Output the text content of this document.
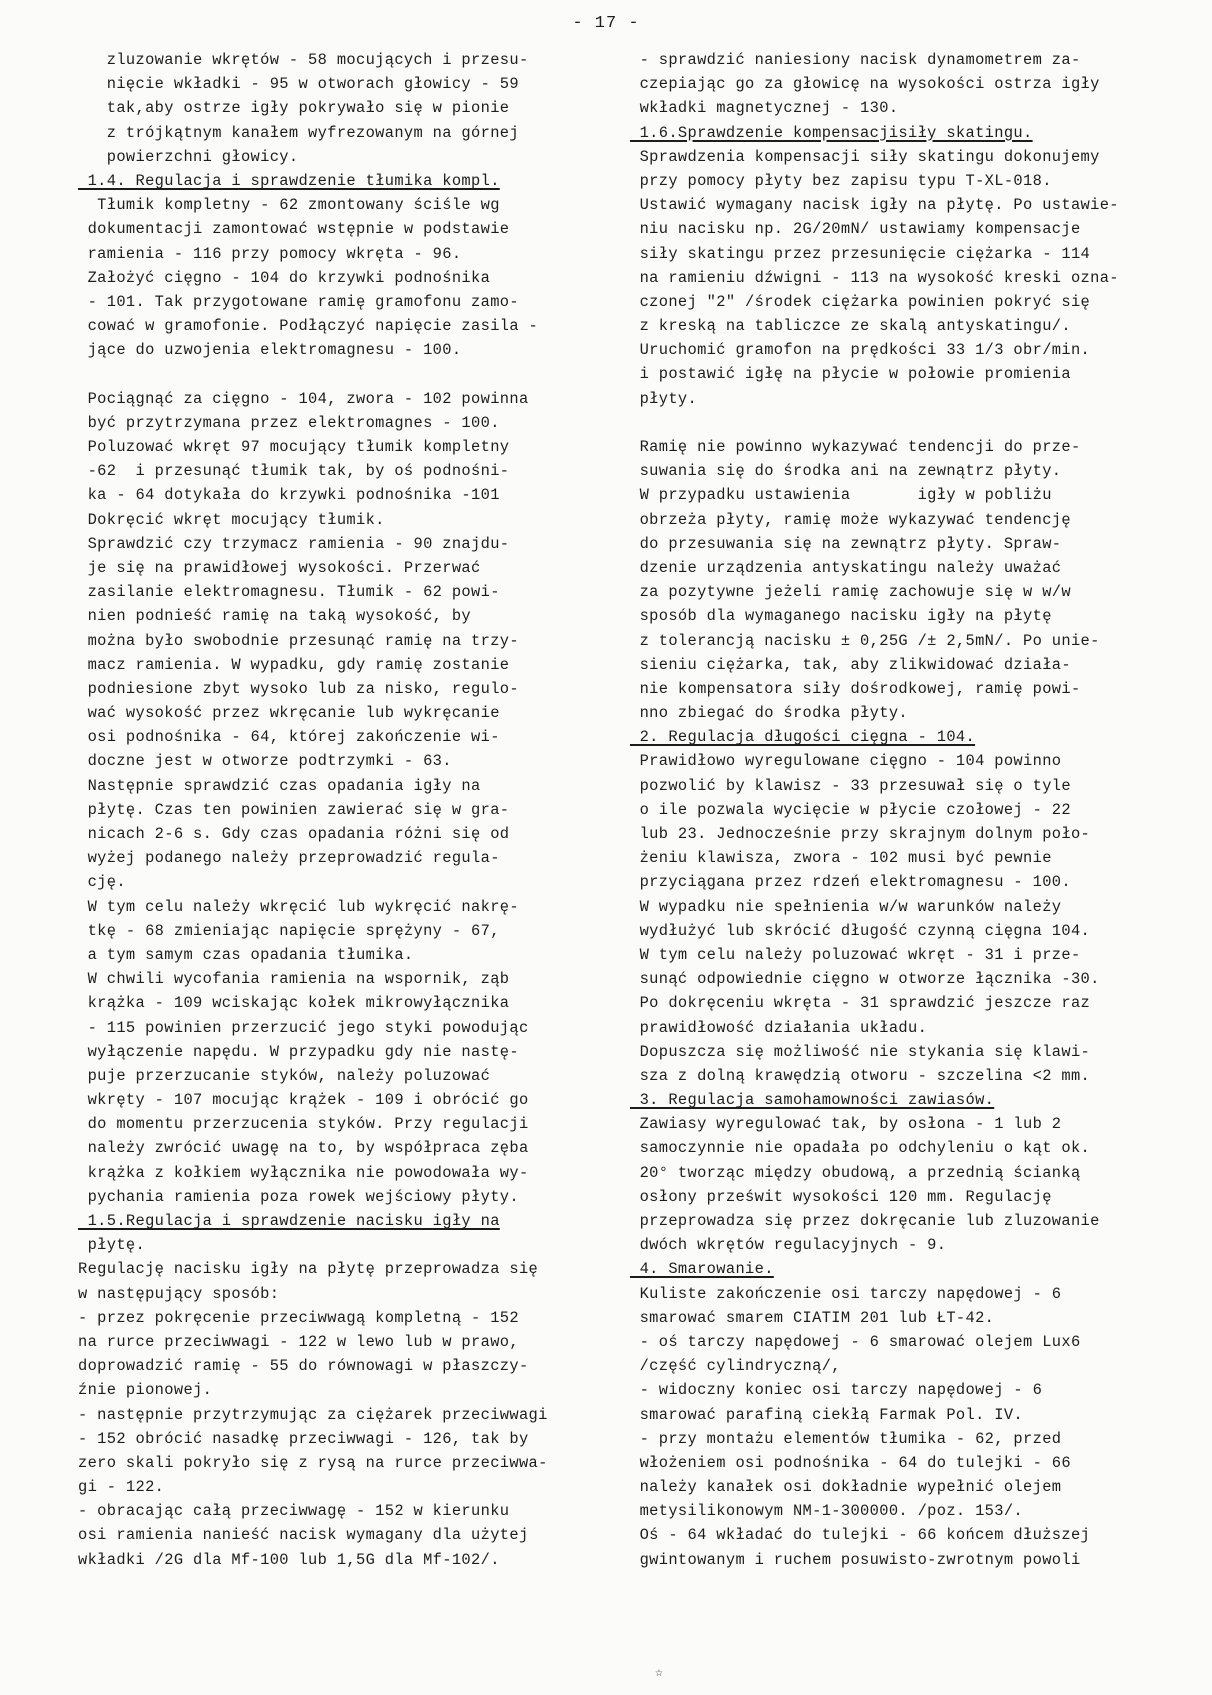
- 17 -
zluzowanie wkrętów - 58 mocujących i przesu-
nięcie wkładki - 95 w otworach głowicy - 59
tak,aby ostrze igły pokrywało się w pionie
z trójkątnym kanałem wyfrezowanym na górnej
powierzchni głowicy.
1.4. Regulacja i sprawdzenie tłumika kompl.
Tłumik kompletny - 62 zmontowany ściśle wg
dokumentacji zamontować wstępnie w podstawie
ramienia - 116 przy pomocy wkręta - 96.
Założyć cięgno - 104 do krzywki podnośnika
- 101. Tak przygotowane ramię gramofonu zamo-
cować w gramofonie. Podłączyć napięcie zasila -
jące do uzwojenia elektromagnesu - 100.
Pociągnąć za cięgno - 104, zwora - 102 powinna
być przytrzymana przez elektromagnes - 100.
Poluzować wkręt 97 mocujący tłumik kompletny
-62  i przesunąć tłumik tak, by oś podnośni-
ka - 64 dotykała do krzywki podnośnika -101
Dokręcić wkręt mocujący tłumik.
Sprawdzić czy trzymacz ramienia - 90 znajdu-
je się na prawidłowej wysokości. Przerwać
zasilanie elektromagnesu. Tłumik - 62 powi-
nien podnieść ramię na taką wysokość, by
można było swobodnie przesunąć ramię na trzy-
macz ramienia. W wypadku, gdy ramię zostanie
podniesione zbyt wysoko lub za nisko, regulo-
wać wysokość przez wkręcanie lub wykręcanie
osi podnośnika - 64, której zakończenie wi-
doczne jest w otworze podtrzymki - 63.
Następnie sprawdzić czas opadania igły na
płytę. Czas ten powinien zawierać się w gra-
nicach 2-6 s. Gdy czas opadania różni się od
wyżej podanego należy przeprowadzić regula-
cję.
W tym celu należy wkręcić lub wykręcić nakrę-
tkę - 68 zmieniając napięcie sprężyny - 67,
a tym samym czas opadania tłumika.
W chwili wycofania ramienia na wspornik, ząb
krążka - 109 wciskając kołek mikrowyłącznika
- 115 powinien przerzucić jego styki powodując
wyłączenie napędu. W przypadku gdy nie nastę-
puje przerzucanie styków, należy poluzować
wkręty - 107 mocując krążek - 109 i obrócić go
do momentu przerzucenia styków. Przy regulacji
należy zwrócić uwagę na to, by współpraca zęba
krążka z kołkiem wyłącznika nie powodowała wy-
pychania ramienia poza rowek wejściowy płyty.
1.5.Regulacja i sprawdzenie nacisku igły na
płytę.
Regulację nacisku igły na płytę przeprowadza się
w następujący sposób:
- przez pokręcenie przeciwwagą kompletną - 152
na rurce przeciwwagi - 122 w lewo lub w prawo,
doprowadzić ramię - 55 do równowagi w płaszczy-
źnie pionowej.
- następnie przytrzymując za ciężarek przeciwwagi
- 152 obrócić nasadkę przeciwwagi - 126, tak by
zero skali pokryło się z rysą na rurce przeciwwa-
gi - 122.
- obracając całą przeciwwagę - 152 w kierunku
osi ramienia nanieść nacisk wymagany dla użytej
wkładki /2G dla Mf-100 lub 1,5G dla Mf-102/.
- sprawdzić naniesiony nacisk dynamometrem za-
czepiając go za głowicę na wysokości ostrza igły
wkładki magnetycznej - 130.
1.6.Sprawdzenie kompensacjisiły skatingu.
Sprawdzenia kompensacji siły skatingu dokonujemy
przy pomocy płyty bez zapisu typu T-XL-018.
Ustawić wymagany nacisk igły na płytę. Po ustawie-
niu nacisku np. 2G/20mN/ ustawiamy kompensacje
siły skatingu przez przesunięcie ciężarka - 114
na ramieniu dźwigni - 113 na wysokość kreski ozna-
czonej "2" /środek ciężarka powinien pokryć się
z kreską na tabliczce ze skalą antyskatingu/.
Uruchomić gramofon na prędkości 33 1/3 obr/min.
i postawić igłę na płycie w połowie promienia
płyty.
Ramię nie powinno wykazywać tendencji do prze-
suwania się do środka ani na zewnątrz płyty.
W przypadku ustawienia       igły w pobliżu
obrzeża płyty, ramię może wykazywać tendencję
do przesuwania się na zewnątrz płyty. Spraw-
dzenie urządzenia antyskatingu należy uważać
za pozytywne jeżeli ramię zachowuje się w w/w
sposób dla wymaganego nacisku igły na płytę
z tolerancją nacisku ± 0,25G /± 2,5mN/. Po unie-
sieniu ciężarka, tak, aby zlikwidować działa-
nie kompensatora siły dośrodkowej, ramię powi-
nno zbiegać do środka płyty.
2. Regulacja długości cięgna - 104.
Prawidłowo wyregulowane cięgno - 104 powinno
pozwolić by klawisz - 33 przesuwał się o tyle
o ile pozwala wycięcie w płycie czołowej - 22
lub 23. Jednocześnie przy skrajnym dolnym poło-
żeniu klawisza, zwora - 102 musi być pewnie
przyciągana przez rdzeń elektromagnesu - 100.
W wypadku nie spełnienia w/w warunków należy
wydłużyć lub skrócić długość czynną cięgna 104.
W tym celu należy poluzować wkręt - 31 i prze-
sunąć odpowiednie cięgno w otworze łącznika -30.
Po dokręceniu wkręta - 31 sprawdzić jeszcze raz
prawidłowość działania układu.
Dopuszcza się możliwość nie stykania się klawi-
sza z dolną krawędzią otworu - szczelina <2 mm.
3. Regulacja samohamowności zawiasów.
Zawiasy wyregulować tak, by osłona - 1 lub 2
samoczynnie nie opadała po odchyleniu o kąt ok.
20° tworząc między obudową, a przednią ścianką
osłony prześwit wysokości 120 mm. Regulację
przeprowadza się przez dokręcanie lub zluzowanie
dwóch wkrętów regulacyjnych - 9.
4. Smarowanie.
Kuliste zakończenie osi tarczy napędowej - 6
smarować smarem CIATIM 201 lub ŁT-42.
- oś tarczy napędowej - 6 smarować olejem Lux6
/część cylindryczną/,
- widoczny koniec osi tarczy napędowej - 6
smarować parafiną ciekłą Farmak Pol. IV.
- przy montażu elementów tłumika - 62, przed
włożeniem osi podnośnika - 64 do tulejki - 66
należy kanałek osi dokładnie wypełnić olejem
metysilikonowym NM-1-300000. /poz. 153/.
Oś - 64 wkładać do tulejki - 66 końcem dłuższej
gwintowanym i ruchem posuwisto-zwrotnym powoli
☆
